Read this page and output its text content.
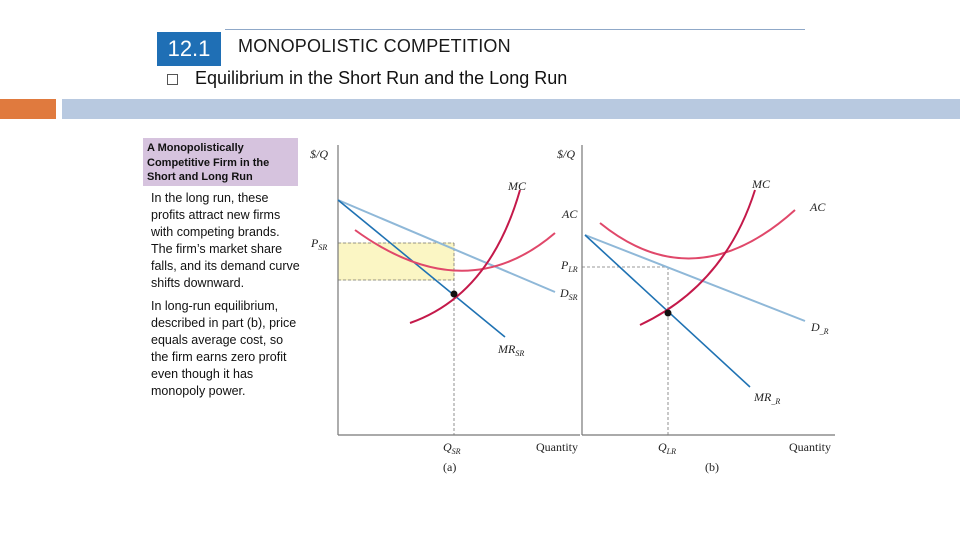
12.1	MONOPOLISTIC COMPETITION
Equilibrium in the Short Run and the Long Run
A Monopolistically Competitive Firm in the Short and Long Run
In the long run, these profits attract new firms with competing brands. The firm’s market share falls, and its demand curve shifts downward.
In long-run equilibrium, described in part (b), price equals average cost, so the firm earns zero profit even though it has monopoly power.
$/Q
MC
AC
$P_{SR}$
$D_{SR}$
$MR_{SR}$
$Q_{SR}$	Quantity
(a)
$/Q
MC
AC
$P_{LR}$
$D_{\_R}$
$MR_{\_R}$
$Q_{LR}$	Quantity
(b)
